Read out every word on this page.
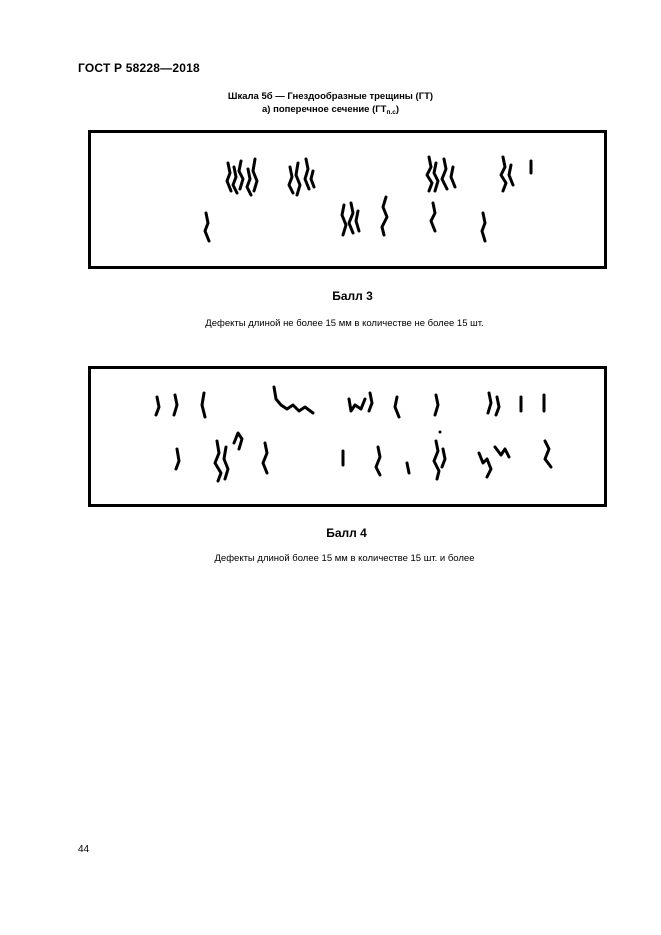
ГОСТ Р 58228—2018
Шкала 5б — Гнездообразные трещины (ГТ)
а) поперечное сечение $(ГТ_{п.с})$
Балл 3
Дефекты длиной не более 15 мм в количестве не более 15 шт.
Балл 4
Дефекты длиной более 15 мм в количестве 15 шт. и более
44
